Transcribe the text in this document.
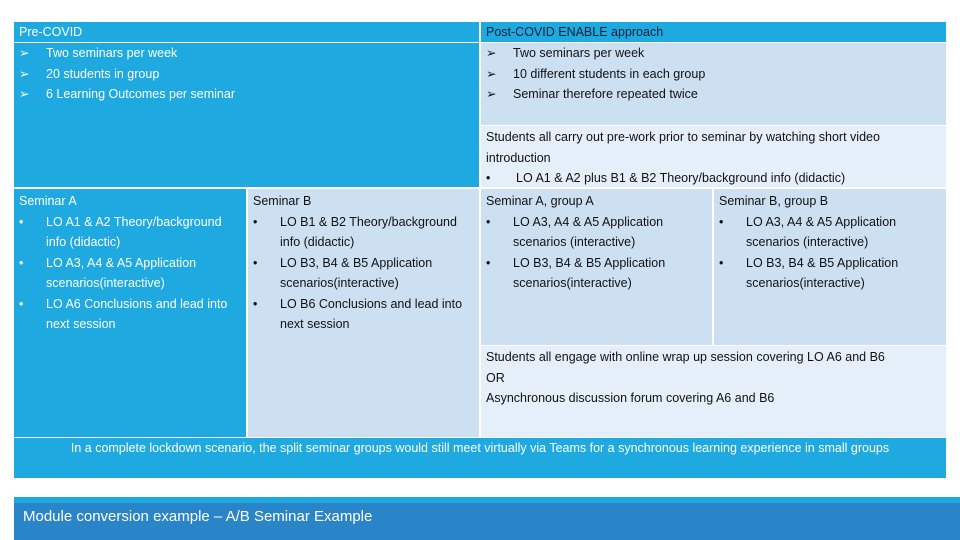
Pre-COVID
➢ Two seminars per week
➢ 20 students in group
➢ 6 Learning Outcomes per seminar
Seminar A
• LO A1 & A2 Theory/background info (didactic)
• LO A3, A4 & A5 Application scenarios(interactive)
• LO A6 Conclusions and lead into next session
Seminar B
• LO B1 & B2 Theory/background info (didactic)
• LO B3, B4 & B5 Application scenarios(interactive)
• LO B6 Conclusions and lead into next session
Post-COVID ENABLE approach
➢ Two seminars per week
➢ 10 different students in each group
➢ Seminar therefore repeated twice
Students all carry out pre-work prior to seminar by watching short video introduction
• LO A1 & A2 plus B1 & B2 Theory/background info (didactic)
Seminar A, group A
• LO A3, A4 & A5 Application scenarios (interactive)
• LO B3, B4 & B5 Application scenarios(interactive)
Seminar B, group B
• LO A3, A4 & A5 Application scenarios (interactive)
• LO B3, B4 & B5 Application scenarios(interactive)
Students all engage with online wrap up session covering LO A6 and B6
OR
Asynchronous discussion forum covering A6 and B6
In a complete lockdown scenario, the split seminar groups would still meet virtually via Teams for a synchronous learning experience in small groups
Module conversion example – A/B Seminar Example
